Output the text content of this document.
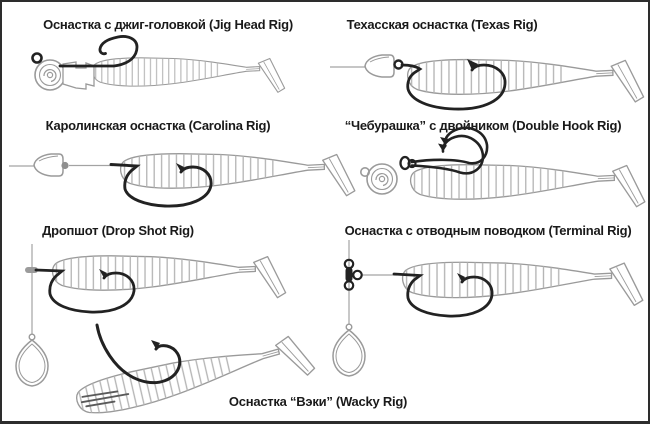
Оснастка с джиг-головкой (Jig Head Rig)	Техасская оснастка (Texas Rig)
Каролинская оснастка (Carolina Rig)	“Чебурашка” с двойником (Double Hook Rig)
Дропшот (Drop Shot Rig)	Оснастка с отводным поводком (Terminal Rig)
Оснастка “Вэки” (Wacky Rig)
